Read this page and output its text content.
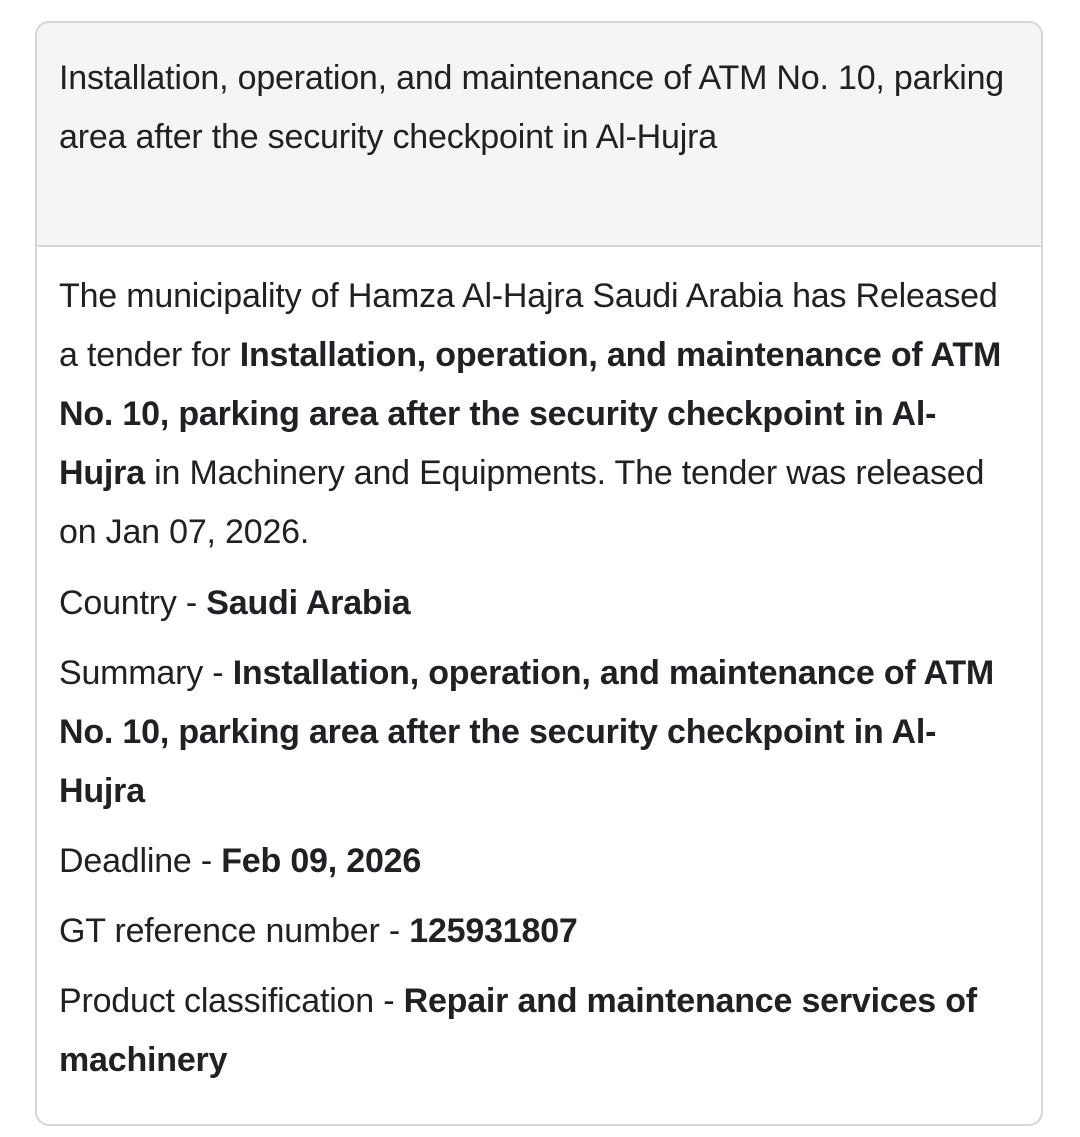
Installation, operation, and maintenance of ATM No. 10, parking area after the security checkpoint in Al-Hujra

The municipality of Hamza Al-Hajra Saudi Arabia has Released a tender for Installation, operation, and maintenance of ATM No. 10, parking area after the security checkpoint in Al-Hujra in Machinery and Equipments. The tender was released on Jan 07, 2026.

Country - Saudi Arabia

Summary - Installation, operation, and maintenance of ATM No. 10, parking area after the security checkpoint in Al-Hujra

Deadline - Feb 09, 2026

GT reference number - 125931807

Product classification - Repair and maintenance services of machinery
